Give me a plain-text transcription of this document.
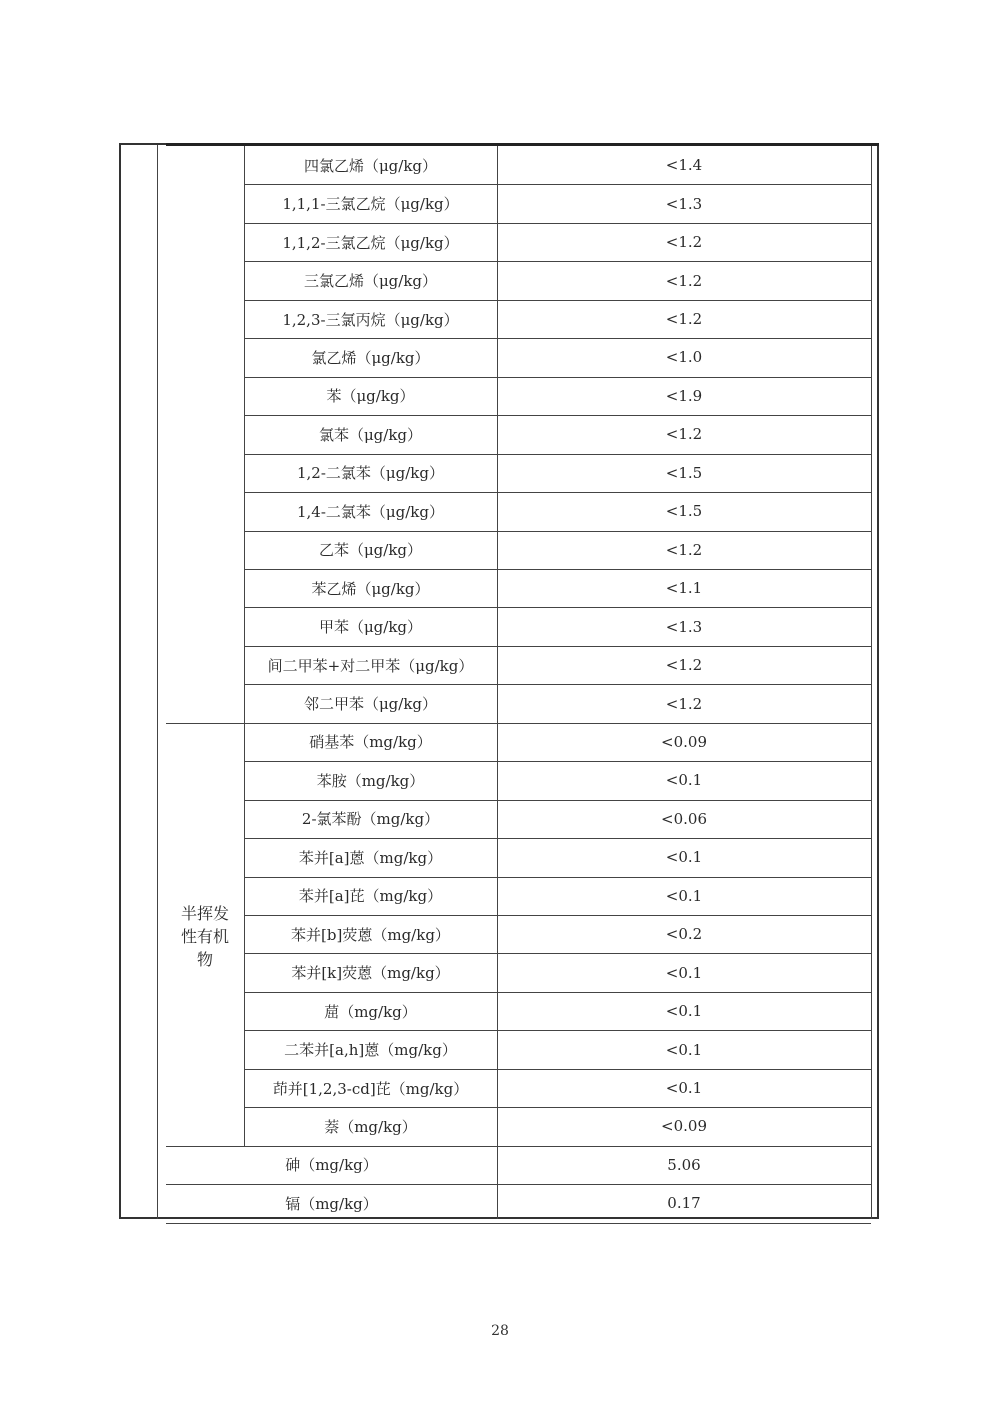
四氯乙烯（μg/kg）	<1.4
1,1,1-三氯乙烷（μg/kg）	<1.3
1,1,2-三氯乙烷（μg/kg）	<1.2
三氯乙烯（μg/kg）	<1.2
1,2,3-三氯丙烷（μg/kg）	<1.2
氯乙烯（μg/kg）	<1.0
苯（μg/kg）	<1.9
氯苯（μg/kg）	<1.2
1,2-二氯苯（μg/kg）	<1.5
1,4-二氯苯（μg/kg）	<1.5
乙苯（μg/kg）	<1.2
苯乙烯（μg/kg）	<1.1
甲苯（μg/kg）	<1.3
间二甲苯+对二甲苯（μg/kg）	<1.2
邻二甲苯（μg/kg）	<1.2
硝基苯（mg/kg）	<0.09
苯胺（mg/kg）	<0.1
2-氯苯酚（mg/kg）	<0.06
苯并[a]蒽（mg/kg）	<0.1
苯并[a]芘（mg/kg）	<0.1
苯并[b]荧蒽（mg/kg）	<0.2
苯并[k]荧蒽（mg/kg）	<0.1
䓛（mg/kg）	<0.1
二苯并[a,h]蒽（mg/kg）	<0.1
茚并[1,2,3-cd]芘（mg/kg）	<0.1
萘（mg/kg）	<0.09
砷（mg/kg）	5.06
镉（mg/kg）	0.17
半挥发
性有机
物
28
